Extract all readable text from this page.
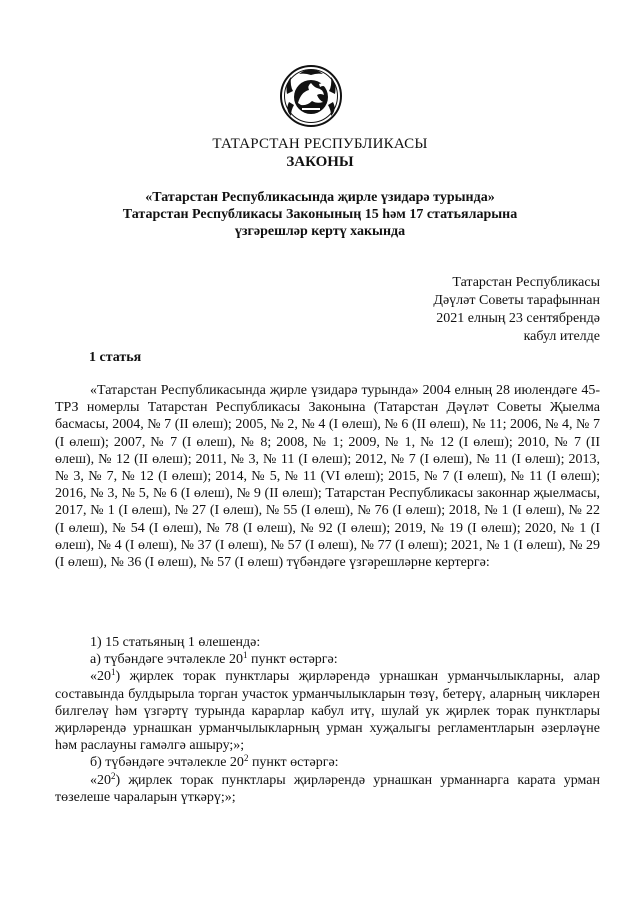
ТАТАРСТАН РЕСПУБЛИКАСЫ
ЗАКОНЫ
«Татарстан Республикасында җирле үзидарә турында»
Татарстан Республикасы Законының 15 һәм 17 статьяларына
үзгәрешләр кертү хакында
Татарстан Республикасы
Дәүләт Советы тарафыннан
2021 елның 23 сентябрендә
кабул ителде
1 статья

«Татарстан Республикасында җирле үзидарә турында» 2004 елның 28 июлендәге 45-ТРЗ номерлы Татарстан Республикасы Законына (Татарстан Дәүләт Советы Җыелма басмасы, 2004, № 7 (II өлеш); 2005, № 2, № 4 (I өлеш), № 6 (II өлеш), № 11; 2006, № 4, № 7 (I өлеш); 2007, № 7 (I өлеш), № 8; 2008, № 1; 2009, № 1, № 12 (I өлеш); 2010, № 7 (II өлеш), № 12 (II өлеш); 2011, № 3, № 11 (I өлеш); 2012, № 7 (I өлеш), № 11 (I өлеш); 2013, № 3, № 7, № 12 (I өлеш); 2014, № 5, № 11 (VI өлеш); 2015, № 7 (I өлеш), № 11 (I өлеш); 2016, № 3, № 5, № 6 (I өлеш), № 9 (II өлеш); Татарстан Республикасы законнар җыелмасы, 2017, № 1 (I өлеш), № 27 (I өлеш), № 55 (I өлеш), № 76 (I өлеш); 2018, № 1 (I өлеш), № 22 (I өлеш), № 54 (I өлеш), № 78 (I өлеш), № 92 (I өлеш); 2019, № 19 (I өлеш); 2020, № 1 (I өлеш), № 4 (I өлеш), № 37 (I өлеш), № 57 (I өлеш), № 77 (I өлеш); 2021, № 1 (I өлеш), № 29 (I өлеш), № 36 (I өлеш), № 57 (I өлеш) түбәндәге үзгәрешләрне кертергә:

1) 15 статьяның 1 өлешендә:

а) түбәндәге эчтәлекле $20^1$ пункт өстәргә:

«$20^1$) җирлек торак пунктлары җирләрендә урнашкан урманчылыкларны, алар составында булдырыла торган участок урманчылыкларын төзү, бетерү, аларның чикләрен билгеләү һәм үзгәртү турында карарлар кабул итү, шулай ук җирлек торак пунктлары җирләрендә урнашкан урманчылыкларның урман хуҗалыгы регламентларын әзерләүне һәм раслауны гамәлгә ашыру;»;

б) түбәндәге эчтәлекле $20^2$ пункт өстәргә:

«$20^2$) җирлек торак пунктлары җирләрендә урнашкан урманнарга карата урман төзелеше чараларын үткәрү;»;
